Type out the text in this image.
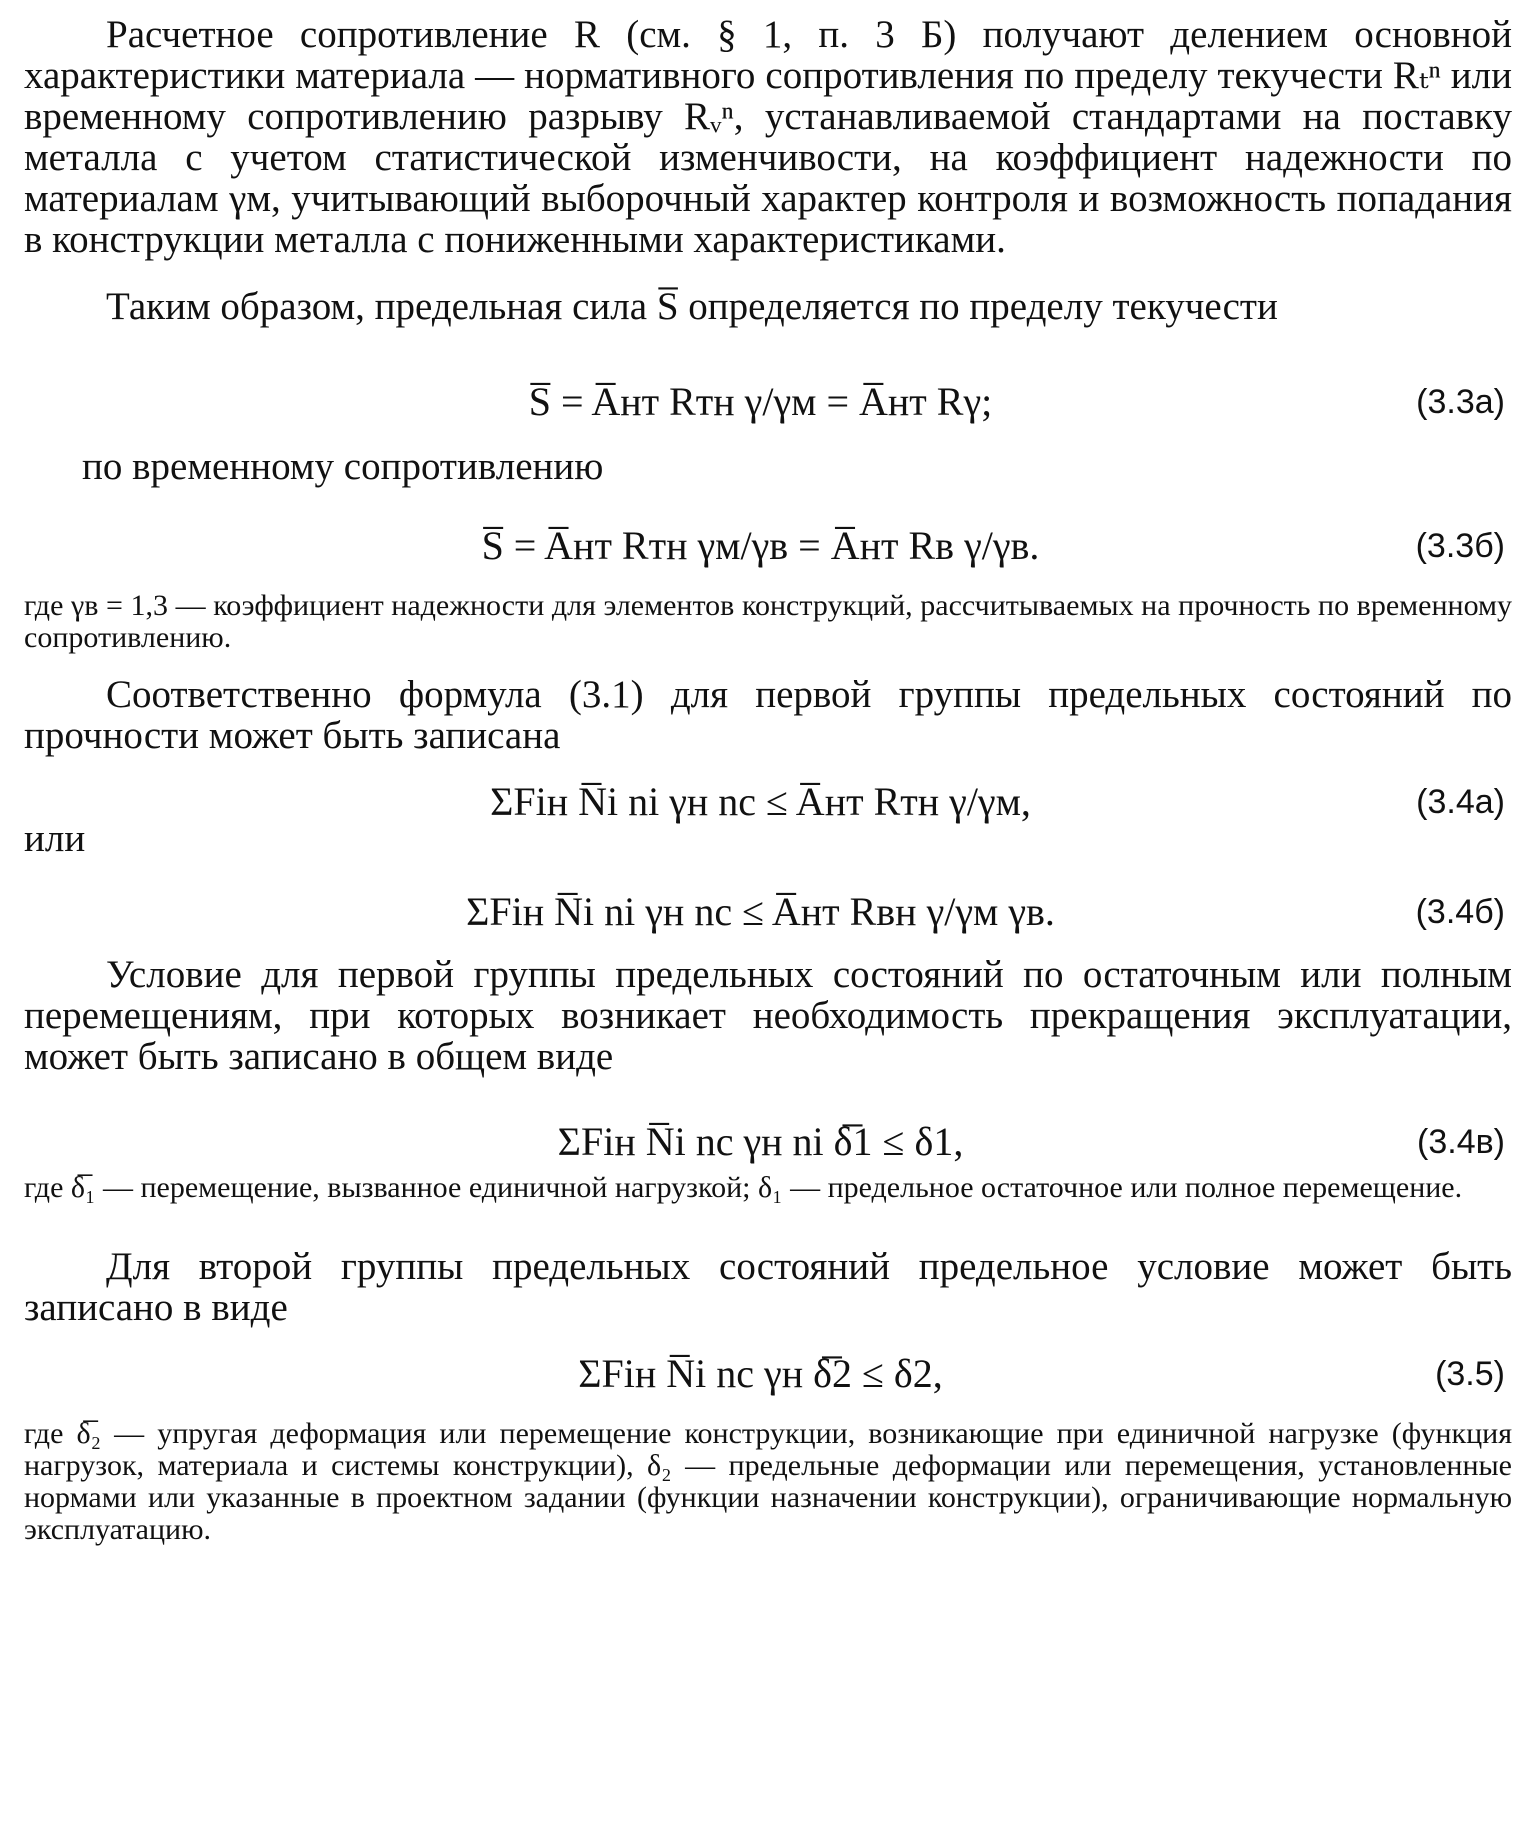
Расчетное сопротивление R (см. § 1, п. 3 Б) получают делением основной характеристики материала — нормативного сопротивления по пределу текучести Rₜⁿ или временному сопротивлению разрыву Rᵥⁿ, устанавливаемой стандартами на поставку металла с учетом статистической изменчивости, на коэффициент надежности по материалам γм, учитывающий выборочный характер контроля и возможность попадания в конструкции металла с пониженными характеристиками.
Таким образом, предельная сила S̅ определяется по пределу текучести
S̅ = A̅нт Rтн γ/γм = A̅нт Rγ;	(3.3а)
по временному сопротивлению
S̅ = A̅нт Rтн γм/γв = A̅нт Rв γ/γв.	(3.3б)
где γв = 1,3 — коэффициент надежности для элементов конструкций, рассчитываемых на прочность по временному сопротивлению.
Соответственно формула (3.1) для первой группы предельных состояний по прочности может быть записана
ΣFiн N̅i ni γн nc ≤ A̅нт Rтн γ/γм,	(3.4а)
или
ΣFiн N̅i ni γн nc ≤ A̅нт Rвн γ/γм γв.	(3.4б)
Условие для первой группы предельных состояний по остаточным или полным перемещениям, при которых возникает необходимость прекращения эксплуатации, может быть записано в общем виде
ΣFiн N̅i nc γн ni δ̅1 ≤ δ1,	(3.4в)
где δ̅₁ — перемещение, вызванное единичной нагрузкой; δ₁ — предельное остаточное или полное перемещение.
Для второй группы предельных состояний предельное условие может быть записано в виде
ΣFiн N̅i nc γн δ̅2 ≤ δ2,	(3.5)
где δ̅₂ — упругая деформация или перемещение конструкции, возникающие при единичной нагрузке (функция нагрузок, материала и системы конструкции), δ₂ — предельные деформации или перемещения, установленные нормами или указанные в проектном задании (функции назначении конструкции), ограничивающие нормальную эксплуатацию.
